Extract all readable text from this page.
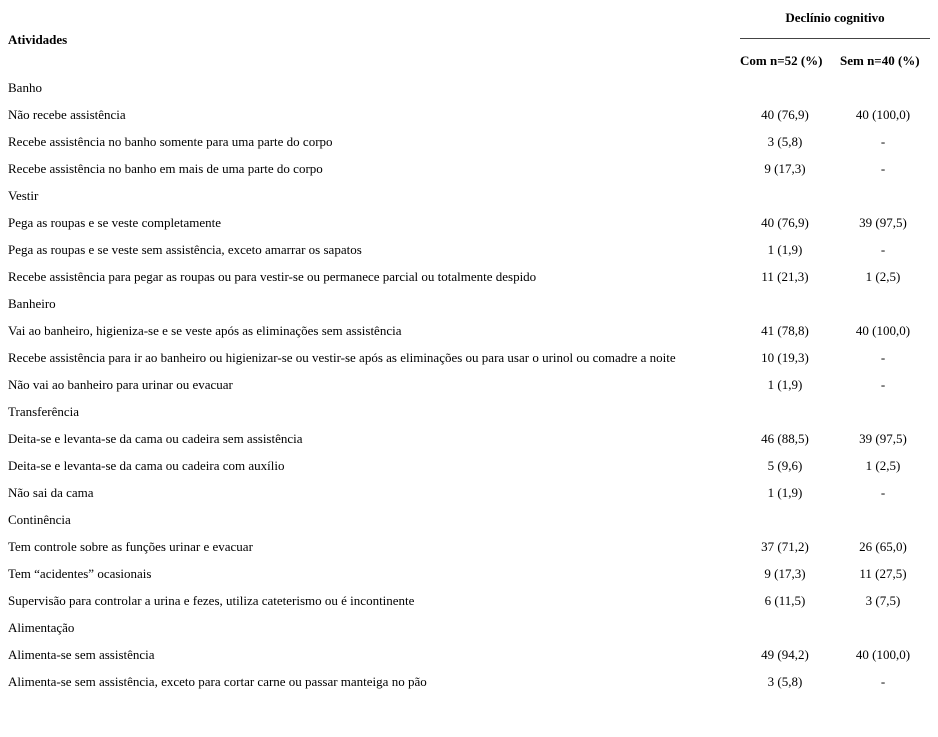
Atividades
Declínio cognitivo
Com n=52 (%) Sem n=40 (%)
Banho
Não recebe assistência	40 (76,9)	40 (100,0)
Recebe assistência no banho somente para uma parte do corpo	3 (5,8)	-
Recebe assistência no banho em mais de uma parte do corpo	9 (17,3)	-
Vestir
Pega as roupas e se veste completamente	40 (76,9)	39 (97,5)
Pega as roupas e se veste sem assistência, exceto amarrar os sapatos	1 (1,9)	-
Recebe assistência para pegar as roupas ou para vestir-se ou permanece parcial ou totalmente despido	11 (21,3)	1 (2,5)
Banheiro
Vai ao banheiro, higieniza-se e se veste após as eliminações sem assistência	41 (78,8)	40 (100,0)
Recebe assistência para ir ao banheiro ou higienizar-se ou vestir-se após as eliminações ou para usar o urinol ou comadre a noite	10 (19,3)	-
Não vai ao banheiro para urinar ou evacuar	1 (1,9)	-
Transferência
Deita-se e levanta-se da cama ou cadeira sem assistência	46 (88,5)	39 (97,5)
Deita-se e levanta-se da cama ou cadeira com auxílio	5 (9,6)	1 (2,5)
Não sai da cama	1 (1,9)	-
Continência
Tem controle sobre as funções urinar e evacuar	37 (71,2)	26 (65,0)
Tem “acidentes” ocasionais	9 (17,3)	11 (27,5)
Supervisão para controlar a urina e fezes, utiliza cateterismo ou é incontinente	6 (11,5)	3 (7,5)
Alimentação
Alimenta-se sem assistência	49 (94,2)	40 (100,0)
Alimenta-se sem assistência, exceto para cortar carne ou passar manteiga no pão	3 (5,8)	-
